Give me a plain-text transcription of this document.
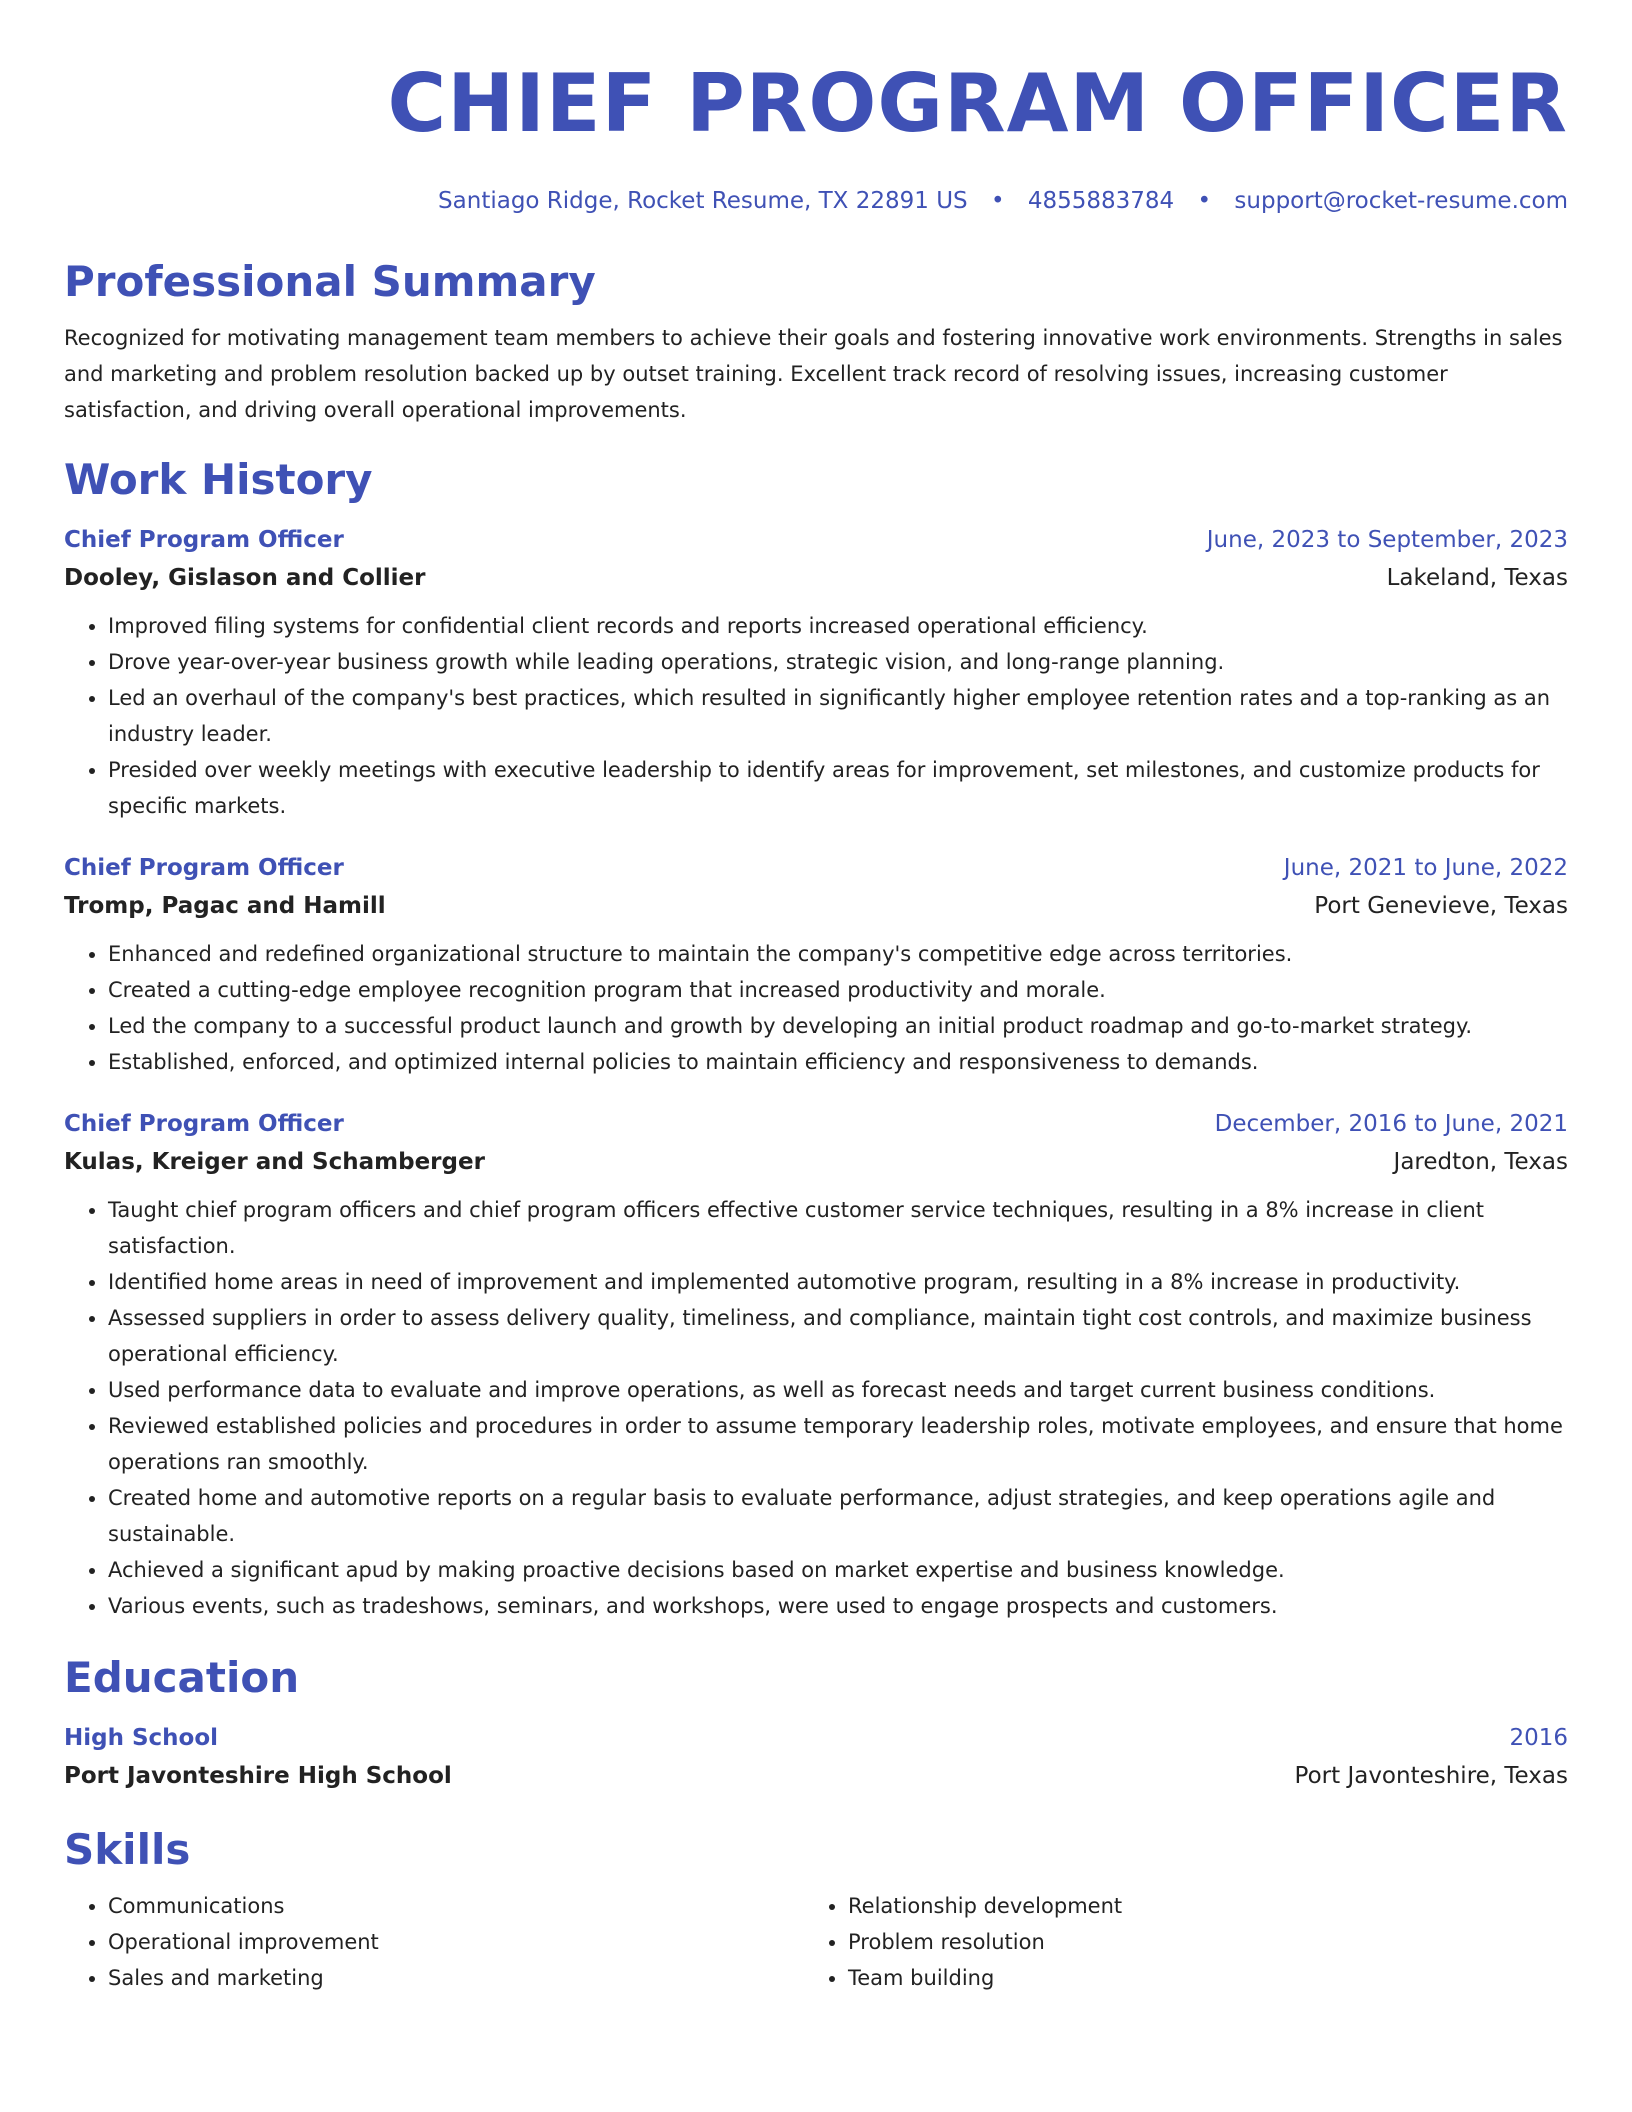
CHIEF PROGRAM OFFICER
Santiago Ridge, Rocket Resume, TX 22891 US • 4855883784 • support@rocket-resume.com
Professional Summary
Recognized for motivating management team members to achieve their goals and fostering innovative work environments. Strengths in sales and marketing and problem resolution backed up by outset training. Excellent track record of resolving issues, increasing customer satisfaction, and driving overall operational improvements.
Work History
Chief Program Officer	June, 2023 to September, 2023
Dooley, Gislason and Collier	Lakeland, Texas
• Improved filing systems for confidential client records and reports increased operational efficiency.
• Drove year-over-year business growth while leading operations, strategic vision, and long-range planning.
• Led an overhaul of the company's best practices, which resulted in significantly higher employee retention rates and a top-ranking as an industry leader.
• Presided over weekly meetings with executive leadership to identify areas for improvement, set milestones, and customize products for specific markets.
Chief Program Officer	June, 2021 to June, 2022
Tromp, Pagac and Hamill	Port Genevieve, Texas
• Enhanced and redefined organizational structure to maintain the company's competitive edge across territories.
• Created a cutting-edge employee recognition program that increased productivity and morale.
• Led the company to a successful product launch and growth by developing an initial product roadmap and go-to-market strategy.
• Established, enforced, and optimized internal policies to maintain efficiency and responsiveness to demands.
Chief Program Officer	December, 2016 to June, 2021
Kulas, Kreiger and Schamberger	Jaredton, Texas
• Taught chief program officers and chief program officers effective customer service techniques, resulting in a 8% increase in client satisfaction.
• Identified home areas in need of improvement and implemented automotive program, resulting in a 8% increase in productivity.
• Assessed suppliers in order to assess delivery quality, timeliness, and compliance, maintain tight cost controls, and maximize business operational efficiency.
• Used performance data to evaluate and improve operations, as well as forecast needs and target current business conditions.
• Reviewed established policies and procedures in order to assume temporary leadership roles, motivate employees, and ensure that home operations ran smoothly.
• Created home and automotive reports on a regular basis to evaluate performance, adjust strategies, and keep operations agile and sustainable.
• Achieved a significant apud by making proactive decisions based on market expertise and business knowledge.
• Various events, such as tradeshows, seminars, and workshops, were used to engage prospects and customers.
Education
High School	2016
Port Javonteshire High School	Port Javonteshire, Texas
Skills
• Communications
• Operational improvement
• Sales and marketing
• Relationship development
• Problem resolution
• Team building
